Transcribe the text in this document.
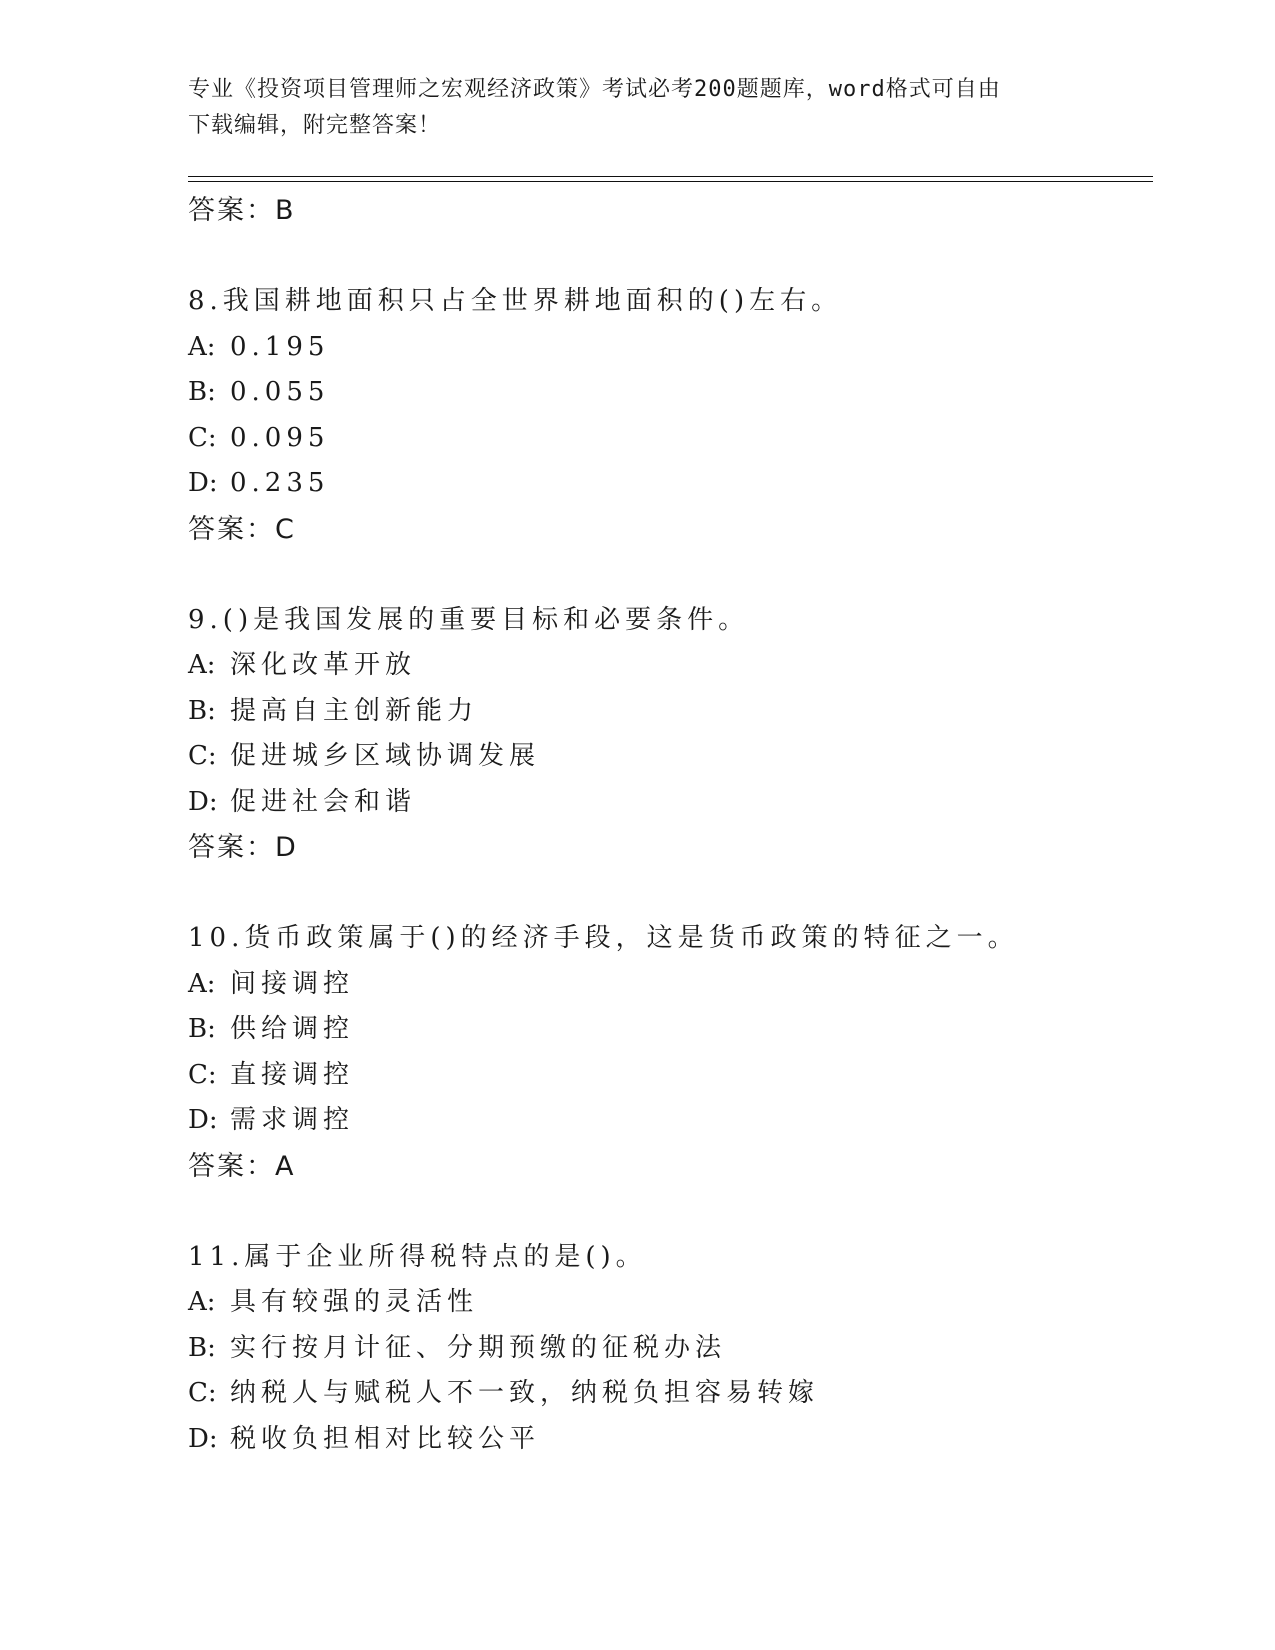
专业《投资项目管理师之宏观经济政策》考试必考200题题库，word格式可自由
下载编辑，附完整答案！
答案：B
8.我国耕地面积只占全世界耕地面积的()左右。
A: 0.195
B: 0.055
C: 0.095
D: 0.235
答案：C
9.()是我国发展的重要目标和必要条件。
A: 深化改革开放
B: 提高自主创新能力
C: 促进城乡区域协调发展
D: 促进社会和谐
答案：D
10.货币政策属于()的经济手段，这是货币政策的特征之一。
A: 间接调控
B: 供给调控
C: 直接调控
D: 需求调控
答案：A
11.属于企业所得税特点的是()。
A: 具有较强的灵活性
B: 实行按月计征、分期预缴的征税办法
C: 纳税人与赋税人不一致，纳税负担容易转嫁
D: 税收负担相对比较公平
